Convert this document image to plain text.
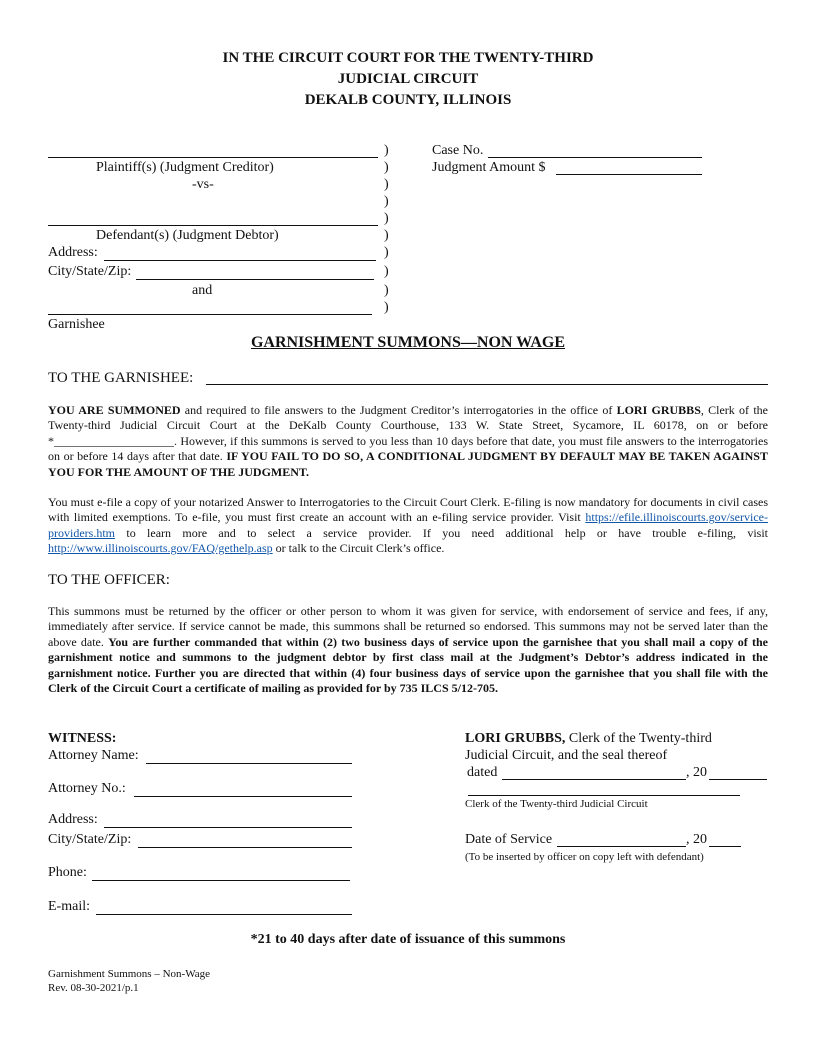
IN THE CIRCUIT COURT FOR THE TWENTY-THIRD
JUDICIAL CIRCUIT
DEKALB COUNTY, ILLINOIS
Plaintiff(s) (Judgment Creditor)
-vs-
Defendant(s) (Judgment Debtor)
Address:
City/State/Zip:
and
Garnishee
)
)
)
)
)
)
)
)
)
)
Case No.
Judgment Amount $
GARNISHMENT SUMMONS—NON WAGE
TO THE GARNISHEE:
YOU ARE SUMMONED and required to file answers to the Judgment Creditor’s interrogatories in the office of LORI GRUBBS, Clerk of the Twenty-third Judicial Circuit Court at the DeKalb County Courthouse, 133 W. State Street, Sycamore, IL 60178, on or before *____________________. However, if this summons is served to you less than 10 days before that date, you must file answers to the interrogatories on or before 14 days after that date. IF YOU FAIL TO DO SO, A CONDITIONAL JUDGMENT BY DEFAULT MAY BE TAKEN AGAINST YOU FOR THE AMOUNT OF THE JUDGMENT.
You must e-file a copy of your notarized Answer to Interrogatories to the Circuit Court Clerk. E-filing is now mandatory for documents in civil cases with limited exemptions. To e-file, you must first create an account with an e-filing service provider. Visit https://efile.illinoiscourts.gov/service-providers.htm to learn more and to select a service provider. If you need additional help or have trouble e-filing, visit http://www.illinoiscourts.gov/FAQ/gethelp.asp or talk to the Circuit Clerk’s office.
TO THE OFFICER:
This summons must be returned by the officer or other person to whom it was given for service, with endorsement of service and fees, if any, immediately after service. If service cannot be made, this summons shall be returned so endorsed. This summons may not be served later than the above date. You are further commanded that within (2) two business days of service upon the garnishee that you shall mail a copy of the garnishment notice and summons to the judgment debtor by first class mail at the Judgment’s Debtor’s address indicated in the garnishment notice. Further you are directed that within (4) four business days of service upon the garnishee that you shall file with the Clerk of the Circuit Court a certificate of mailing as provided for by 735 ILCS 5/12-705.
WITNESS:
Attorney Name:
Attorney No.:
Address:
City/State/Zip:
Phone:
E-mail:
LORI GRUBBS, Clerk of the Twenty-third
Judicial Circuit, and the seal thereof
dated	, 20
Clerk of the Twenty-third Judicial Circuit
Date of Service	, 20
(To be inserted by officer on copy left with defendant)
*21 to 40 days after date of issuance of this summons
Garnishment Summons – Non-Wage
Rev. 08-30-2021/p.1
